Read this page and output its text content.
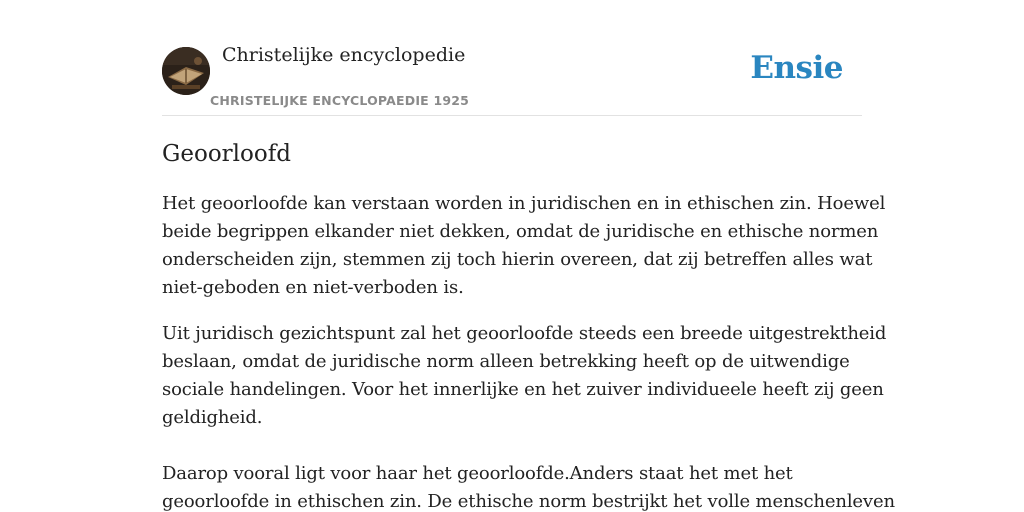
Christelijke encyclopedie
CHRISTELIJKE ENCYCLOPAEDIE 1925
Ensie
Geoorloofd

Het geoorloofde kan verstaan worden in juridischen en in ethischen zin. Hoewel
beide begrippen elkander niet dekken, omdat de juridische en ethische normen
onderscheiden zijn, stemmen zij toch hierin overeen, dat zij betreffen alles wat
niet-geboden en niet-verboden is.

Uit juridisch gezichtspunt zal het geoorloofde steeds een breede uitgestrektheid
beslaan, omdat de juridische norm alleen betrekking heeft op de uitwendige
sociale handelingen. Voor het innerlijke en het zuiver individueele heeft zij geen
geldigheid.

Daarop vooral ligt voor haar het geoorloofde.Anders staat het met het
geoorloofde in ethischen zin. De ethische norm bestrijkt het volle menschenleven
